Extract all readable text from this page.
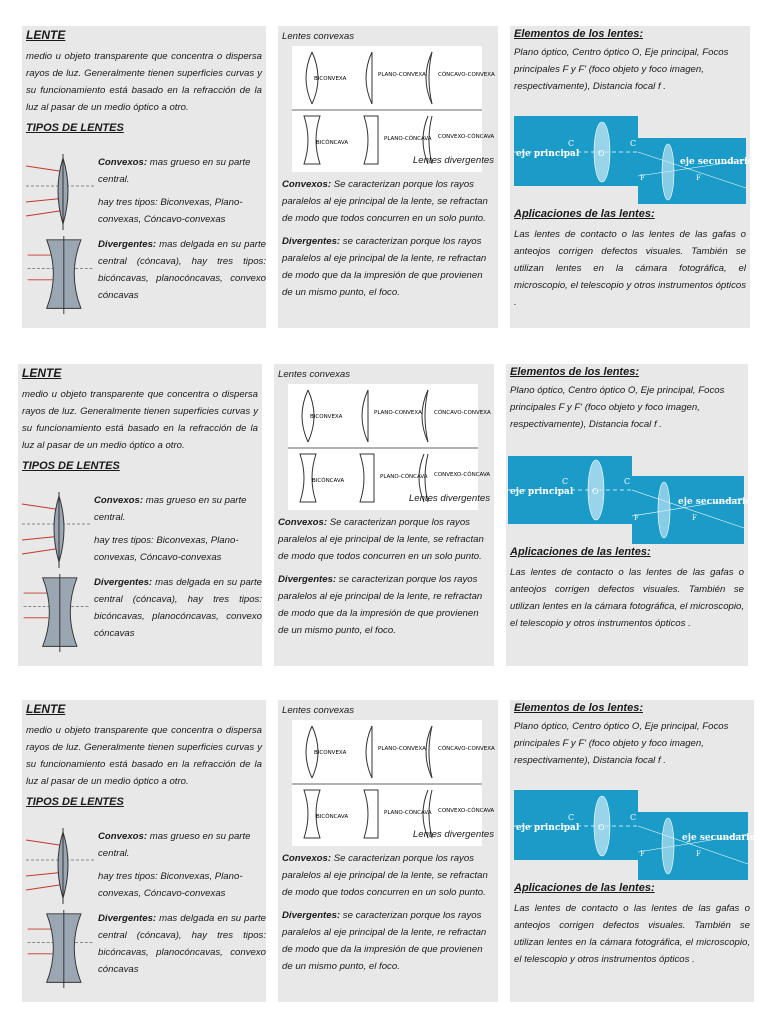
LENTE

medio u objeto transparente que concentra o dispersa rayos de luz. Generalmente tienen superficies curvas y su funcionamiento está basado en la refracción de la luz al pasar de un medio óptico a otro.

TIPOS DE LENTES

Convexos: mas grueso en su parte central.

hay tres tipos: Biconvexas, Plano-convexas, Cóncavo-convexas

Divergentes: mas delgada en su parte central (cóncava), hay tres tipos: bicóncavas, planocóncavas, convexo cóncavas

Lentes convexas

BICONVEXA
PLANO-CONVEXA CÓNCAVO-CONVEXA
BICÓNCAVA
PLANO-CÓNCAVA CONVEXO-CÓNCAVA

Lentes divergentes

Convexos: Se caracterizan porque los rayos paralelos al eje principal de la lente, se refractan de modo que todos concurren en un solo punto.

Divergentes: se caracterizan porque los rayos paralelos al eje principal de la lente, re refractan de modo que da la impresión de que provienen de un mismo punto, el foco.

Elementos de los lentes:

Plano óptico, Centro óptico O, Eje principal, Focos principales F y F' (foco objeto y foco imagen, respectivamente), Distancia focal f .

eje principal
C
O
C
eje secundario
F	F

Aplicaciones de las lentes:

Las lentes de contacto o las lentes de las gafas o anteojos corrigen defectos visuales. También se utilizan lentes en la cámara fotográfica, el microscopio, el telescopio y otros instrumentos ópticos .

LENTE

medio u objeto transparente que concentra o dispersa rayos de luz. Generalmente tienen superficies curvas y su funcionamiento está basado en la refracción de la luz al pasar de un medio óptico a otro.

TIPOS DE LENTES

Convexos: mas grueso en su parte central.

hay tres tipos: Biconvexas, Plano-convexas, Cóncavo-convexas

Divergentes: mas delgada en su parte central (cóncava), hay tres tipos: bicóncavas, planocóncavas, convexo cóncavas

Lentes convexas

BICONVEXA
PLANO-CONVEXA CÓNCAVO-CONVEXA
BICÓNCAVA
PLANO-CÓNCAVA CONVEXO-CÓNCAVA

Lentes divergentes

Convexos: Se caracterizan porque los rayos paralelos al eje principal de la lente, se refractan de modo que todos concurren en un solo punto.

Divergentes: se caracterizan porque los rayos paralelos al eje principal de la lente, re refractan de modo que da la impresión de que provienen de un mismo punto, el foco.

Elementos de los lentes:

Plano óptico, Centro óptico O, Eje principal, Focos principales F y F' (foco objeto y foco imagen, respectivamente), Distancia focal f .

eje principal
C
O
C
eje secundario
F	F

Aplicaciones de las lentes:

Las lentes de contacto o las lentes de las gafas o anteojos corrigen defectos visuales. También se utilizan lentes en la cámara fotográfica, el microscopio, el telescopio y otros instrumentos ópticos .

LENTE

medio u objeto transparente que concentra o dispersa rayos de luz. Generalmente tienen superficies curvas y su funcionamiento está basado en la refracción de la luz al pasar de un medio óptico a otro.

TIPOS DE LENTES

Convexos: mas grueso en su parte central.

hay tres tipos: Biconvexas, Plano-convexas, Cóncavo-convexas

Divergentes: mas delgada en su parte central (cóncava), hay tres tipos: bicóncavas, planocóncavas, convexo cóncavas

Lentes convexas

BICONVEXA
PLANO-CONVEXA CÓNCAVO-CONVEXA
BICÓNCAVA
PLANO-CÓNCAVA CONVEXO-CÓNCAVA

Lentes divergentes

Convexos: Se caracterizan porque los rayos paralelos al eje principal de la lente, se refractan de modo que todos concurren en un solo punto.

Divergentes: se caracterizan porque los rayos paralelos al eje principal de la lente, re refractan de modo que da la impresión de que provienen de un mismo punto, el foco.

Elementos de los lentes:

Plano óptico, Centro óptico O, Eje principal, Focos principales F y F' (foco objeto y foco imagen, respectivamente), Distancia focal f .

eje principal
C
O
C
eje secundario
F	F

Aplicaciones de las lentes:

Las lentes de contacto o las lentes de las gafas o anteojos corrigen defectos visuales. También se utilizan lentes en la cámara fotográfica, el microscopio, el telescopio y otros instrumentos ópticos .
